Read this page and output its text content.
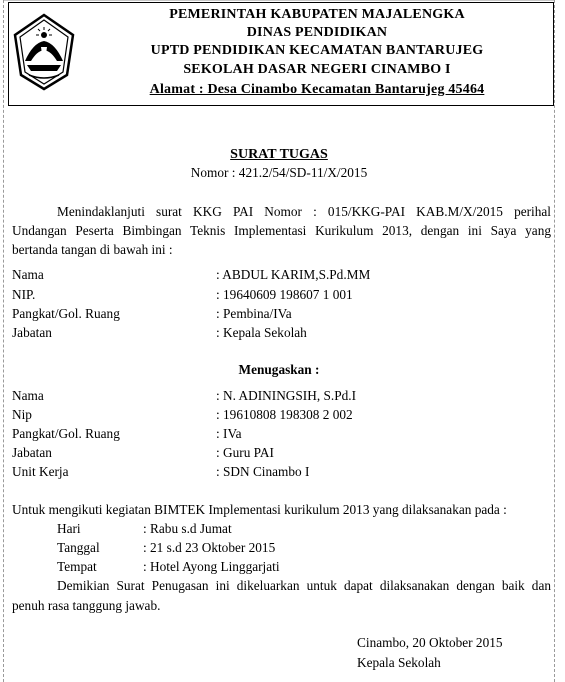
PEMERINTAH KABUPATEN MAJALENGKA
DINAS PENDIDIKAN
UPTD PENDIDIKAN KECAMATAN BANTARUJEG
SEKOLAH DASAR NEGERI CINAMBO I
Alamat : Desa Cinambo Kecamatan Bantarujeg 45464
SURAT TUGAS
Nomor : 421.2/54/SD-11/X/2015
Menindaklanjuti surat KKG PAI Nomor : 015/KKG-PAI KAB.M/X/2015 perihal
Undangan Peserta Bimbingan Teknis Implementasi Kurikulum 2013, dengan ini Saya yang
bertanda tangan di bawah ini :
Nama	: ABDUL KARIM,S.Pd.MM
NIP.	: 19640609 198607 1 001
Pangkat/Gol. Ruang	: Pembina/IVa
Jabatan	: Kepala Sekolah
Menugaskan :
Nama	: N. ADININGSIH, S.Pd.I
Nip	: 19610808 198308 2 002
Pangkat/Gol. Ruang	: IVa
Jabatan	: Guru PAI
Unit Kerja	: SDN Cinambo I
Untuk mengikuti kegiatan BIMTEK Implementasi kurikulum 2013 yang dilaksanakan pada :
Hari	: Rabu s.d Jumat
Tanggal	: 21 s.d 23 Oktober 2015
Tempat	: Hotel Ayong Linggarjati
Demikian Surat Penugasan ini dikeluarkan untuk dapat dilaksanakan dengan baik dan
penuh rasa tanggung jawab.
Cinambo, 20 Oktober 2015
Kepala Sekolah
